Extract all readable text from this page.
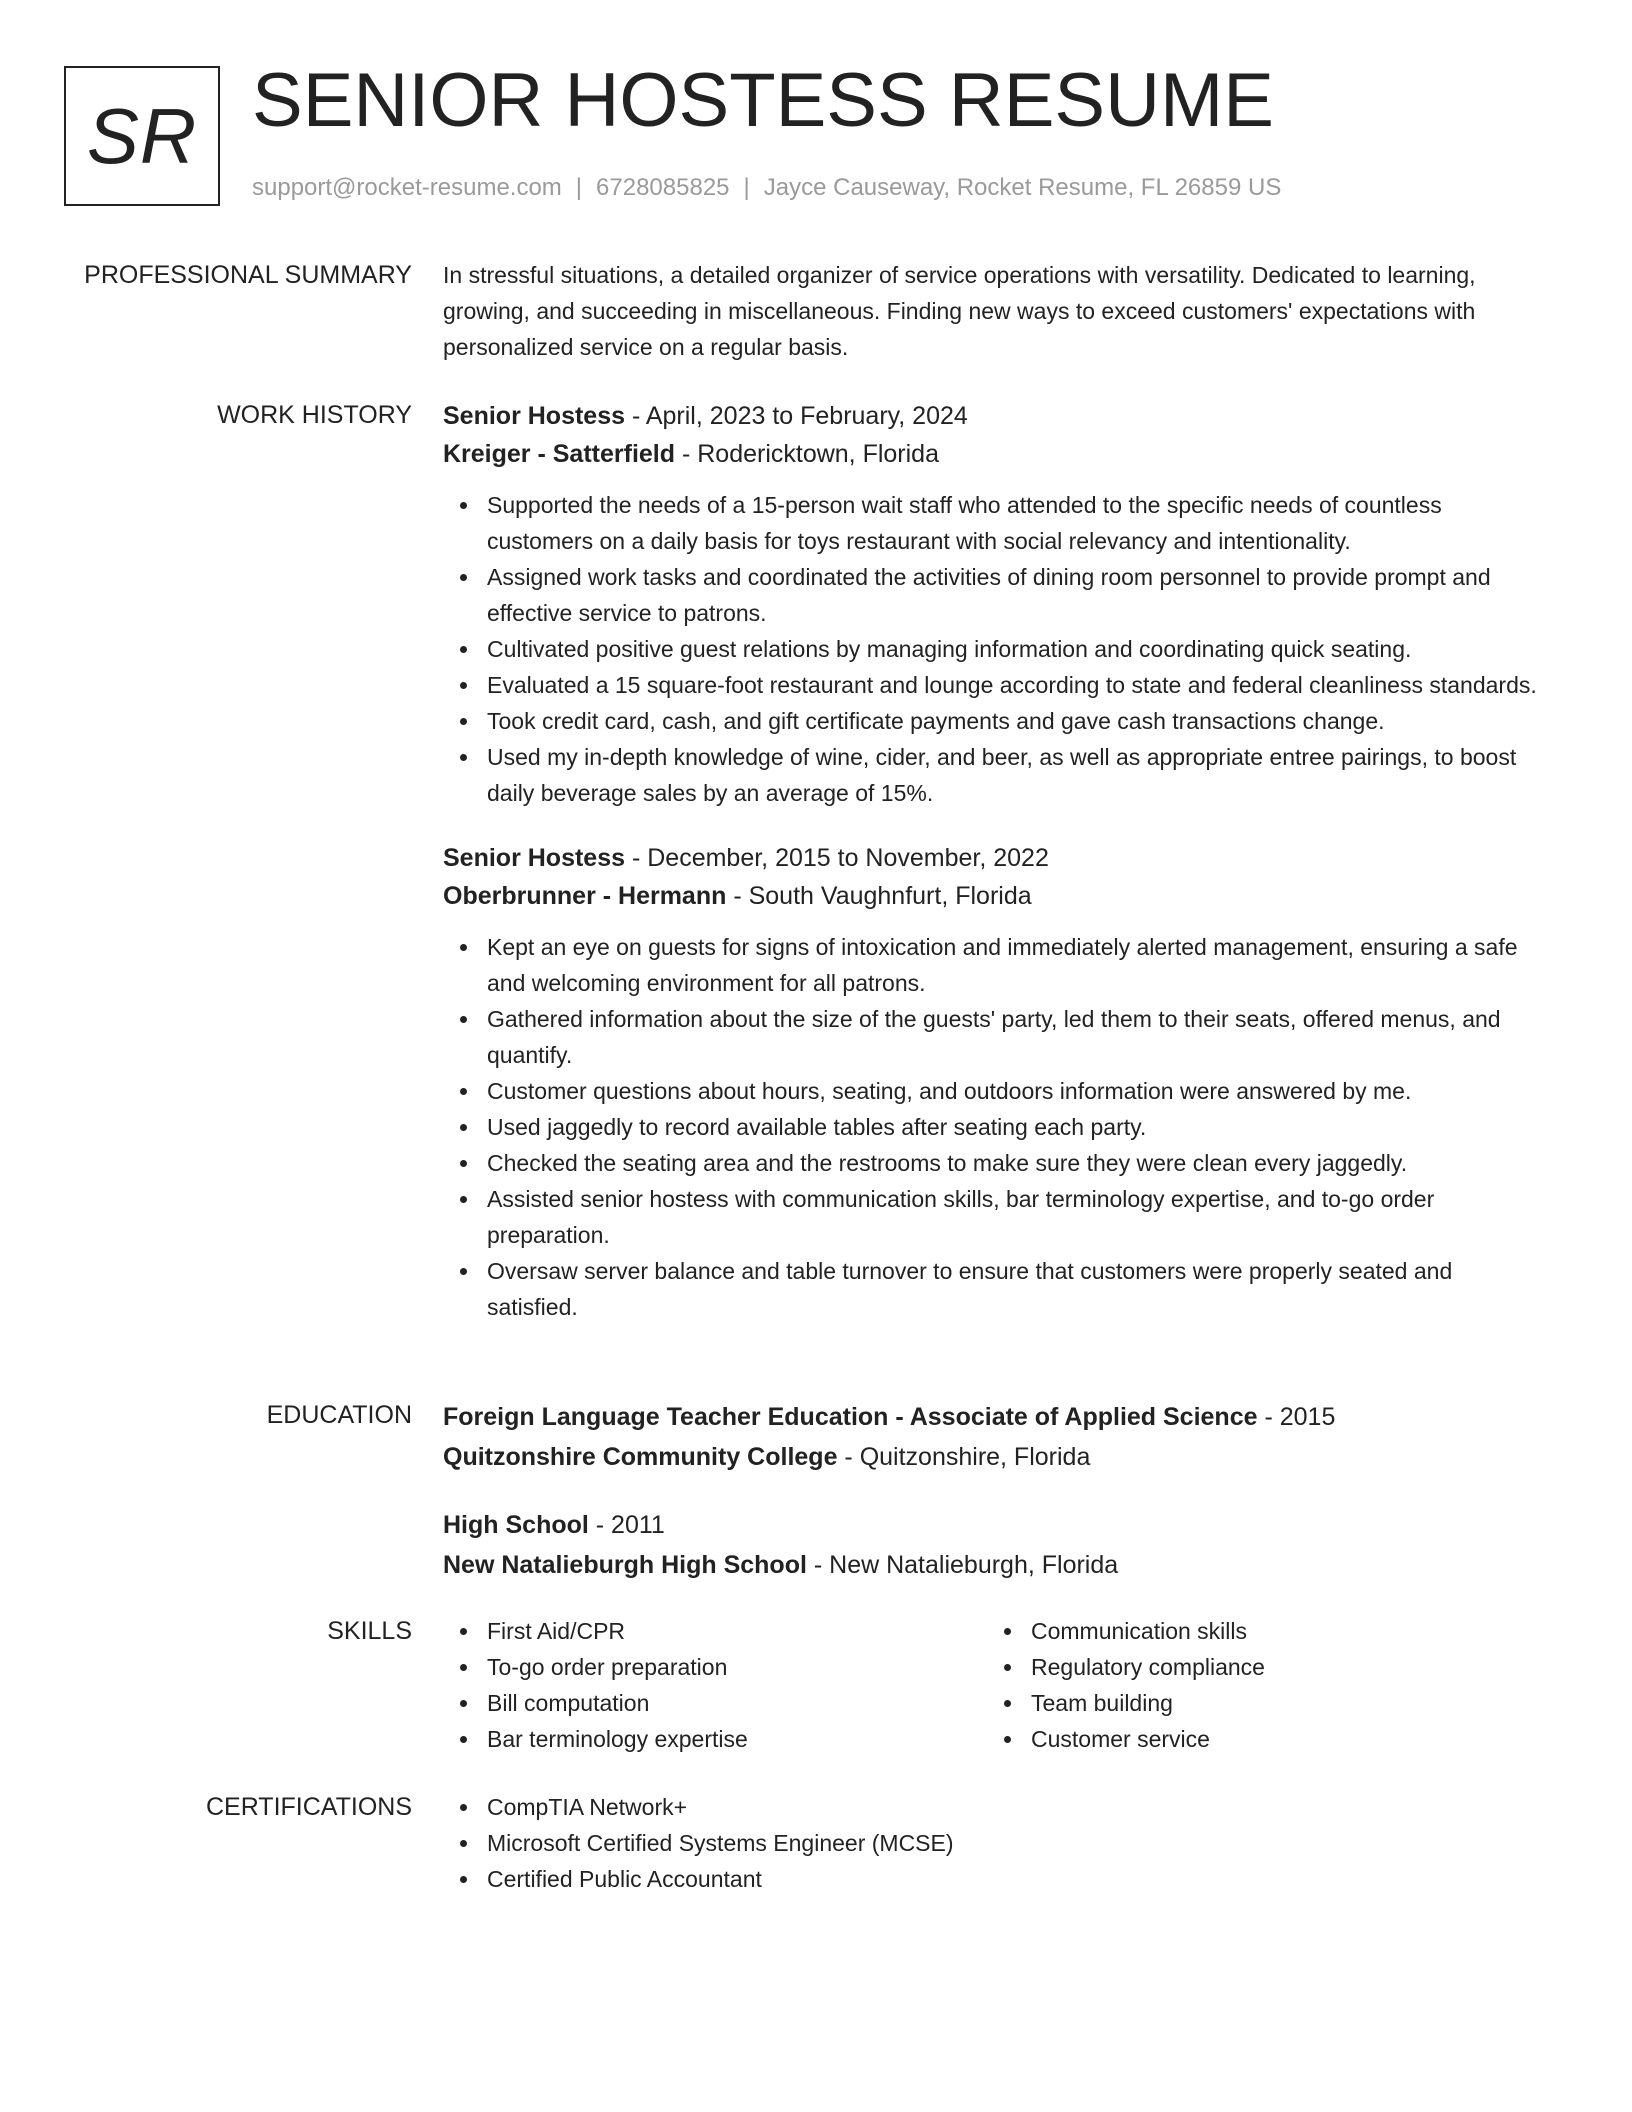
SR SENIOR HOSTESS RESUME
support@rocket-resume.com | 6728085825 | Jayce Causeway, Rocket Resume, FL 26859 US
PROFESSIONAL SUMMARY In stressful situations, a detailed organizer of service operations with versatility. Dedicated to learning, growing, and succeeding in miscellaneous. Finding new ways to exceed customers' expectations with personalized service on a regular basis.

WORK HISTORY Senior Hostess - April, 2023 to February, 2024
Kreiger - Satterfield - Rodericktown, Florida
Supported the needs of a 15-person wait staff who attended to the specific needs of countless customers on a daily basis for toys restaurant with social relevancy and intentionality.
Assigned work tasks and coordinated the activities of dining room personnel to provide prompt and effective service to patrons.
Cultivated positive guest relations by managing information and coordinating quick seating.
Evaluated a 15 square-foot restaurant and lounge according to state and federal cleanliness standards.
Took credit card, cash, and gift certificate payments and gave cash transactions change.
Used my in-depth knowledge of wine, cider, and beer, as well as appropriate entree pairings, to boost daily beverage sales by an average of 15%.
Senior Hostess - December, 2015 to November, 2022
Oberbrunner - Hermann - South Vaughnfurt, Florida
Kept an eye on guests for signs of intoxication and immediately alerted management, ensuring a safe and welcoming environment for all patrons.
Gathered information about the size of the guests' party, led them to their seats, offered menus, and quantify.
Customer questions about hours, seating, and outdoors information were answered by me.
Used jaggedly to record available tables after seating each party.
Checked the seating area and the restrooms to make sure they were clean every jaggedly.
Assisted senior hostess with communication skills, bar terminology expertise, and to-go order preparation.
Oversaw server balance and table turnover to ensure that customers were properly seated and satisfied.
EDUCATION Foreign Language Teacher Education - Associate of Applied Science - 2015
Quitzonshire Community College - Quitzonshire, Florida
High School - 2011
New Natalieburgh High School - New Natalieburgh, Florida
SKILLS	First Aid/CPR
To-go order preparation
Bill computation
Bar terminology expertise
Communication skills
Regulatory compliance
Team building
Customer service
CERTIFICATIONS	CompTIA Network+
Microsoft Certified Systems Engineer (MCSE)
Certified Public Accountant
